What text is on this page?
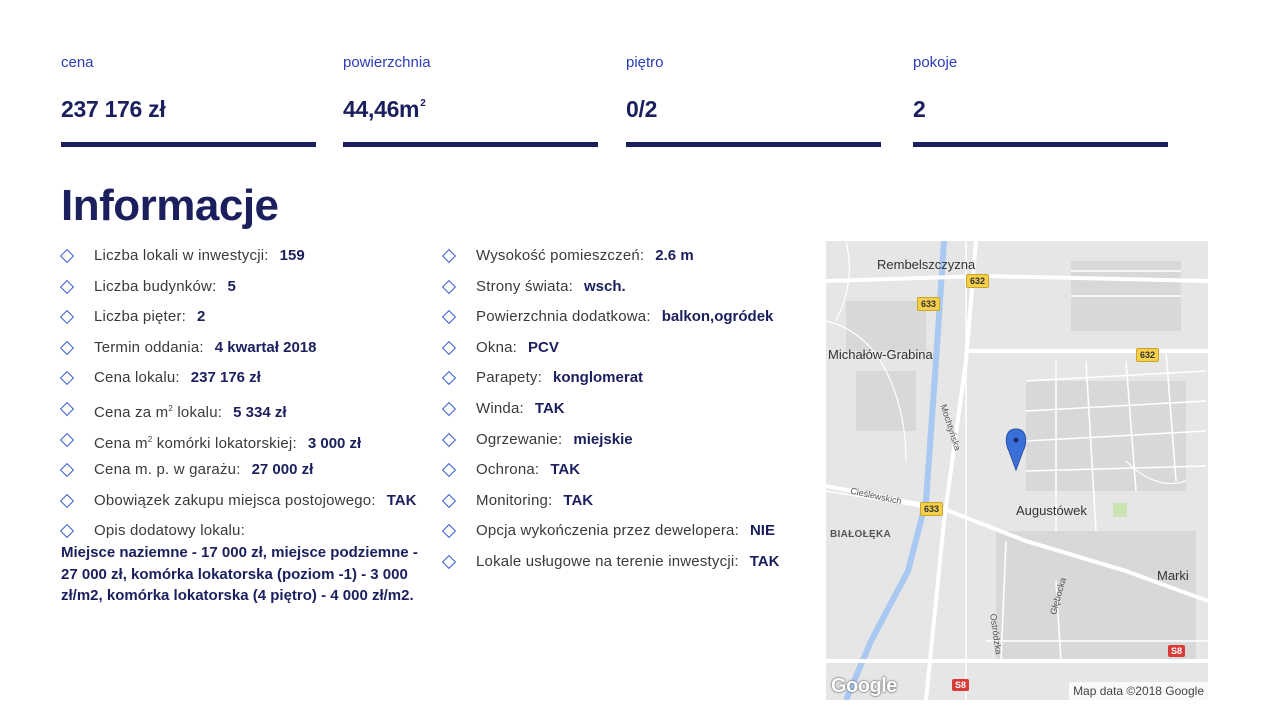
cena
237 176 zł
powierzchnia
$44,46m^2$
piętro
0/2
pokoje
2
Informacje
Liczba lokali w inwestycji: 159
Liczba budynków: 5
Liczba pięter: 2
Termin oddania: 4 kwartał 2018
Cena lokalu: 237 176 zł
Cena za $m^2$ lokalu: 5 334 zł
Cena $m^2$ komórki lokatorskiej: 3 000 zł
Cena m. p. w garażu: 27 000 zł
Obowiązek zakupu miejsca postojowego: TAK
Opis dodatowy lokalu:

Miejsce naziemne - 17 000 zł, miejsce podziemne - 27 000 zł, komórka lokatorska (poziom -1) - 3 000 zł/m2, komórka lokatorska (4 piętro) - 4 000 zł/m2.

Wysokość pomieszczeń: 2.6 m
Strony świata: wsch.
Powierzchnia dodatkowa: balkon,ogródek
Okna: PCV
Parapety: konglomerat
Winda: TAK
Ogrzewanie: miejskie
Ochrona: TAK
Monitoring: TAK
Opcja wykończenia przez dewelopera: NIE
Lokale usługowe na terenie inwestycji: TAK
Rembelszczyzna
Michałów-Grabina
Augustówek
BIAŁOŁĘKA
Marki
Mochtyńska
Cieślewskich
Ostródzka
Głębocka
632
632
633
633
S8
S8
Google	Map data ©2018 Google
